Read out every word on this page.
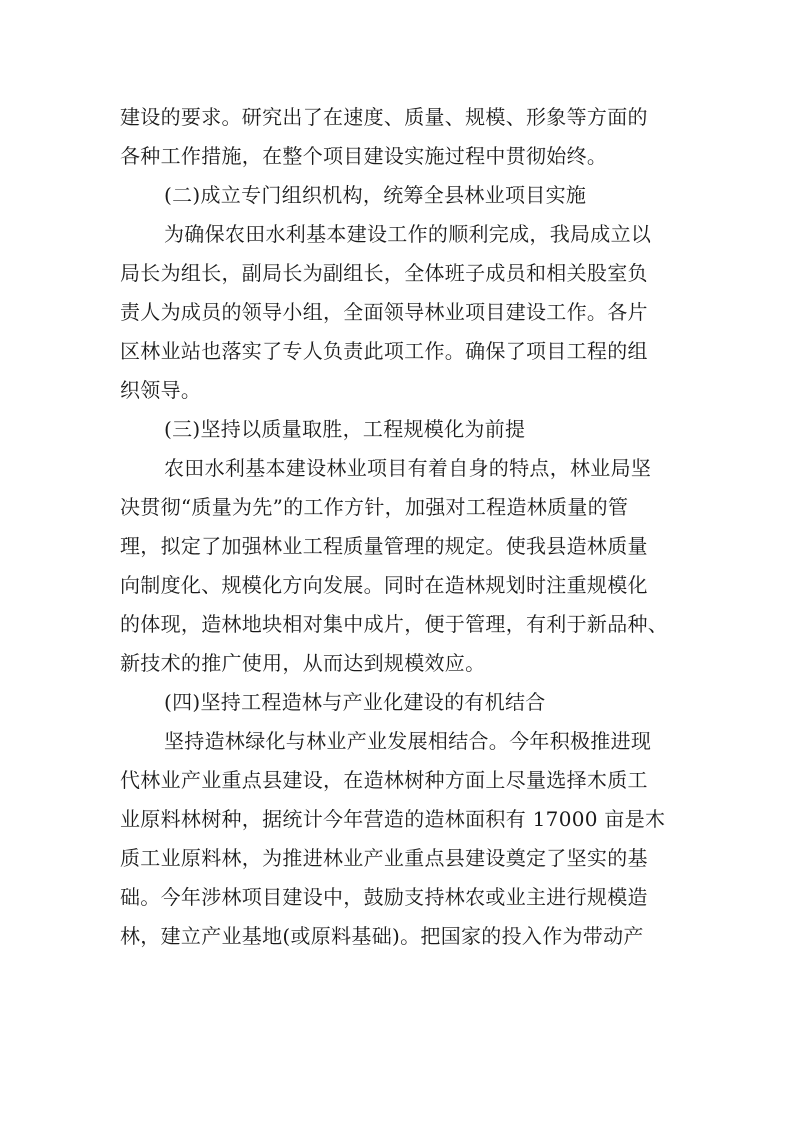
建设的要求。研究出了在速度、质量、规模、形象等方面的
各种工作措施，在整个项目建设实施过程中贯彻始终。
(二)成立专门组织机构，统筹全县林业项目实施
为确保农田水利基本建设工作的顺利完成，我局成立以
局长为组长，副局长为副组长，全体班子成员和相关股室负
责人为成员的领导小组，全面领导林业项目建设工作。各片
区林业站也落实了专人负责此项工作。确保了项目工程的组
织领导。
(三)坚持以质量取胜，工程规模化为前提
农田水利基本建设林业项目有着自身的特点，林业局坚
决贯彻“质量为先”的工作方针，加强对工程造林质量的管
理，拟定了加强林业工程质量管理的规定。使我县造林质量
向制度化、规模化方向发展。同时在造林规划时注重规模化
的体现，造林地块相对集中成片，便于管理，有利于新品种、
新技术的推广使用，从而达到规模效应。
(四)坚持工程造林与产业化建设的有机结合
坚持造林绿化与林业产业发展相结合。今年积极推进现
代林业产业重点县建设，在造林树种方面上尽量选择木质工
业原料林树种，据统计今年营造的造林面积有 17000 亩是木
质工业原料林，为推进林业产业重点县建设奠定了坚实的基
础。今年涉林项目建设中，鼓励支持林农或业主进行规模造
林，建立产业基地(或原料基础)。把国家的投入作为带动产
